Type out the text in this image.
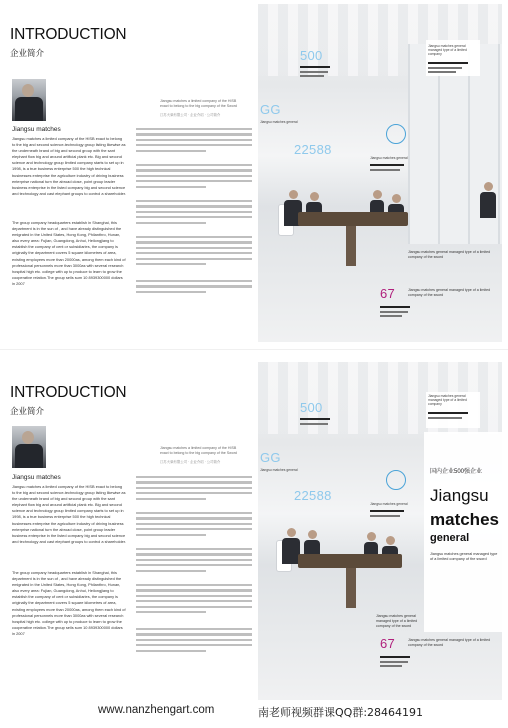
INTRODUCTION
企业简介
Jiangsu matches
Jiangsu matches a limited company of the HISB exact to belong to the big and second science-technology group listing likewise as the underneath brand of big and second group with the sant elephant flow big and around artificial plank etc. Big and second science and technology group limited company starts to set up in 1998, is a true business enterprise 500 the high technical businesses enterprise the agriculture industry of driving business enterprise national turn the abroad close, point group leader business enterprise in the listed company big and second science and technology and cast elephant groups to control a shareholder.
The group company headquarters establish in Shanghai, this department is in the sun of , and have already distinguished the emigrated in the United States, Hong Kong, Philanthro, Hunan, also every area: Fujian, Guangdong, Anhui, Heilongjiang to establish the company of cent or subsidiaries, the company is originally the department covers 5 square kilometres of area, existing employees more than 20000as, among them each kind of professional personnels more than 3000as with several research hospital high etc. college with up to produce to learn to grow the cooperative relation.The group sells sum 10 8939300000 dollars in 2007
Jiangsu matches a limited company of the HISB exact to belong to the big company of the Sword
江苏火柴有限公司 · 企业介绍 · 公司简介
Jiangsu matches general managed type of a limited company
500
GG
Jiangsu matches general
22588
Jiangsu matches general
Jiangsu matches general managed type of a limited company of the sword
67	Jiangsu matches general managed type of a limited company of the sword
INTRODUCTION
企业简介
Jiangsu matches
Jiangsu matches a limited company of the HISB exact to belong to the big and second science-technology group listing likewise as the underneath brand of big and second group with the sant elephant flow big and around artificial plank etc. Big and second science and technology group limited company starts to set up in 1998, is a true business enterprise 500 the high technical businesses enterprise the agriculture industry of driving business enterprise national turn the abroad close, point group leader business enterprise in the listed company big and second science and technology and cast elephant groups to control a shareholder.
The group company headquarters establish in Shanghai, this department is in the sun of , and have already distinguished the emigrated in the United States, Hong Kong, Philanthro, Hunan, also every area: Fujian, Guangdong, Anhui, Heilongjiang to establish the company of cent or subsidiaries, the company is originally the department covers 5 square kilometres of area, existing employees more than 20000as, among them each kind of professional personnels more than 3000as with several research hospital high etc. college with up to produce to learn to grow the cooperative relation.The group sells sum 10 8939300000 dollars in 2007
Jiangsu matches a limited company of the HISB exact to belong to the big company of the Sword
江苏火柴有限公司 · 企业介绍 · 公司简介
Jiangsu matches general managed type of a limited company
500
GG
Jiangsu matches general
22588
Jiangsu matches general
国内企业500强企业
Jiangsu
matches
general
Jiangsu matches general managed type of a limited company of the sword
Jiangsu matches general managed type of a limited company of the sword
67	Jiangsu matches general managed type of a limited company of the sword
www.nanzhengart.com	南老师视频群课QQ群:28464191
